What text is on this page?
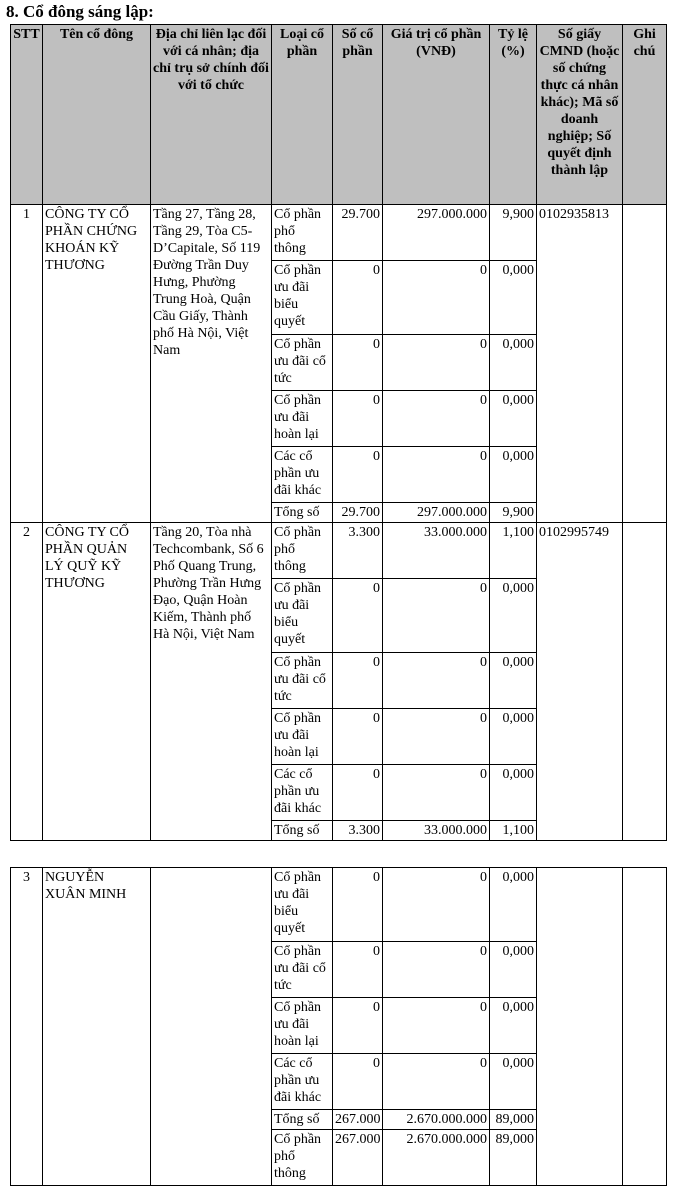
8. Cổ đông sáng lập:
STT	Tên cổ đông	Địa chỉ liên lạc đối với cá nhân; địa chỉ trụ sở chính đối với tổ chức	Loại cổ phần	Số cổ phần	Giá trị cổ phần (VNĐ)	Tỷ lệ (%)	Số giấy CMND (hoặc số chứng thực cá nhân khác); Mã số doanh nghiệp; Số quyết định thành lập	Ghi chú
1	CÔNG TY CỔ PHẦN CHỨNG KHOÁN KỸ THƯƠNG	Tầng 27, Tầng 28, Tầng 29, Tòa C5-D’Capitale, Số 119 Đường Trần Duy Hưng, Phường Trung Hoà, Quận Cầu Giấy, Thành phố Hà Nội, Việt Nam	Cổ phần phổ thông	29.700	297.000.000	9,900	0102935813	
			Cổ phần ưu đãi biểu quyết	0	0	0,000		
			Cổ phần ưu đãi cổ tức	0	0	0,000		
			Cổ phần ưu đãi hoàn lại	0	0	0,000		
			Các cổ phần ưu đãi khác	0	0	0,000		
			Tổng số	29.700	297.000.000	9,900		
2	CÔNG TY CỔ PHẦN QUẢN LÝ QUỸ KỸ THƯƠNG	Tầng 20, Tòa nhà Techcombank, Số 6 Phố Quang Trung, Phường Trần Hưng Đạo, Quận Hoàn Kiếm, Thành phố Hà Nội, Việt Nam	Cổ phần phổ thông	3.300	33.000.000	1,100	0102995749	
			Cổ phần ưu đãi biểu quyết	0	0	0,000		
			Cổ phần ưu đãi cổ tức	0	0	0,000		
			Cổ phần ưu đãi hoàn lại	0	0	0,000		
			Các cổ phần ưu đãi khác	0	0	0,000		
			Tổng số	3.300	33.000.000	1,100		
3	NGUYỄN XUÂN MINH		Cổ phần ưu đãi biểu quyết	0	0	0,000		
			Cổ phần ưu đãi cổ tức	0	0	0,000		
			Cổ phần ưu đãi hoàn lại	0	0	0,000		
			Các cổ phần ưu đãi khác	0	0	0,000		
			Tổng số	267.000	2.670.000.000	89,000		
			Cổ phần phổ thông	267.000	2.670.000.000	89,000		
